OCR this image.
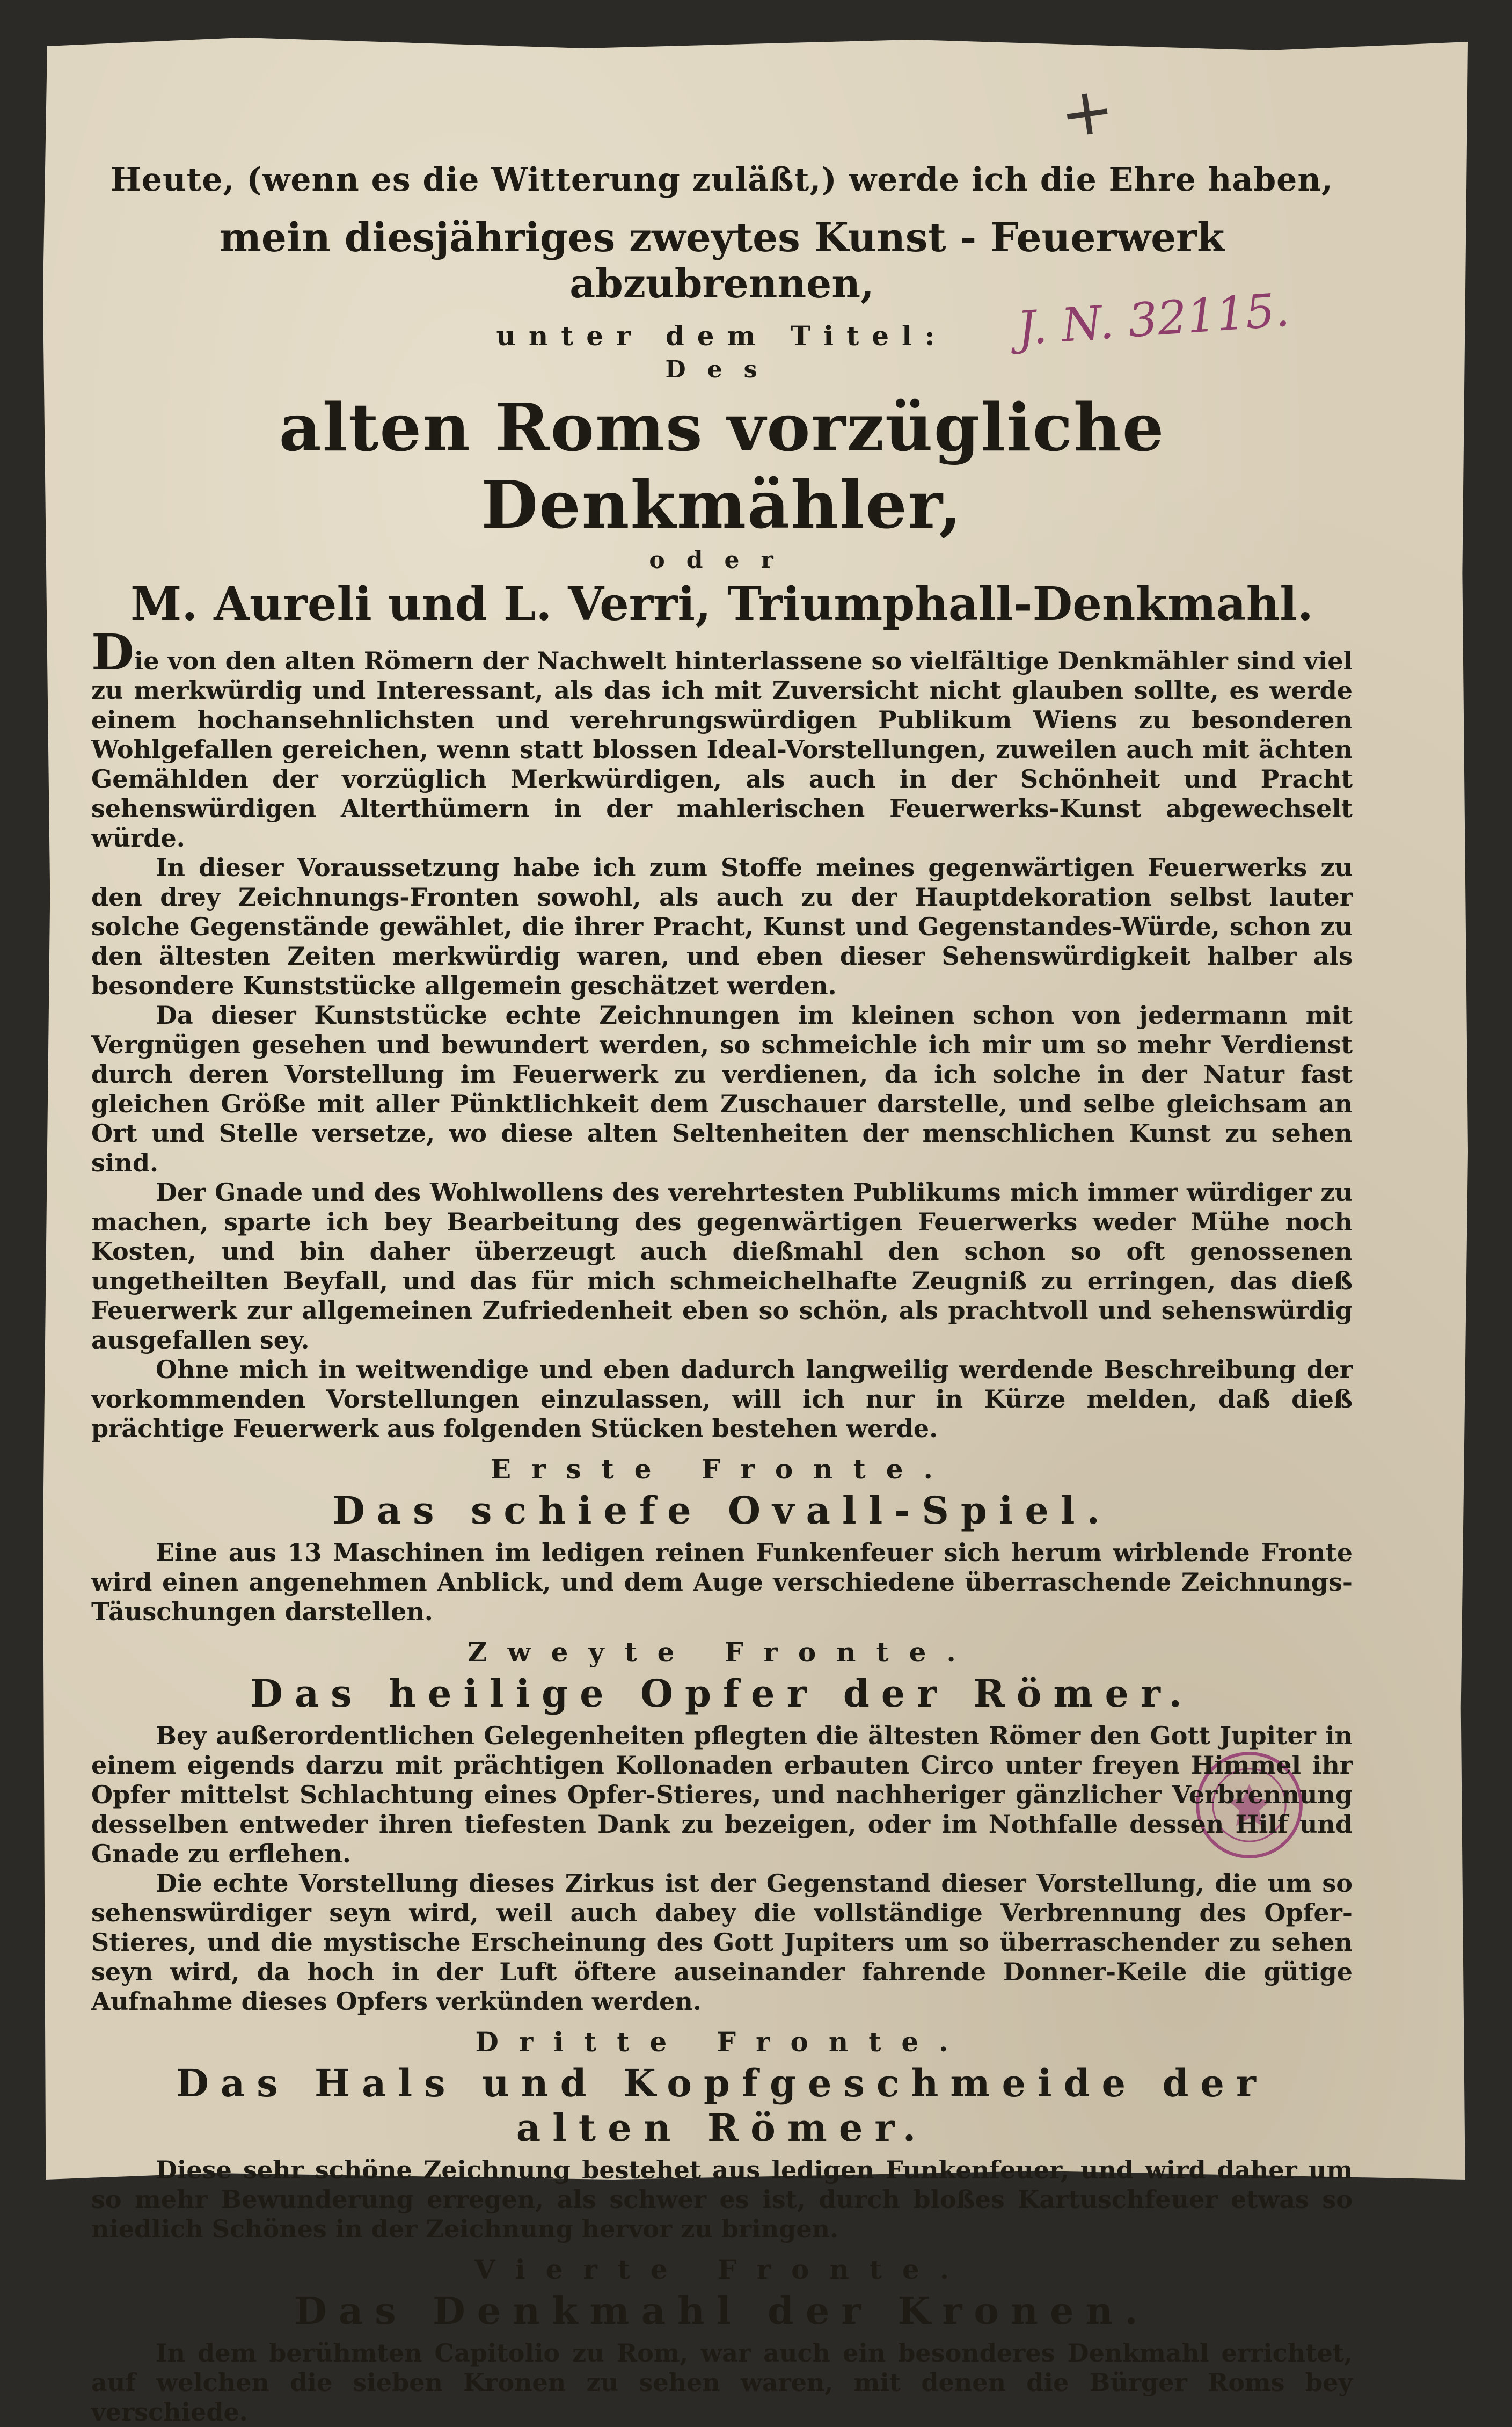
+
J. N. 32115.
Heute, (wenn es die Witterung zuläßt,) werde ich die Ehre haben,
mein diesjähriges zweytes Kunst - Feuerwerk abzubrennen,
unter dem Titel:
Des
alten Roms vorzügliche Denkmähler,
oder
M. Aureli und L. Verri, Triumphall-Denkmahl.

Die von den alten Römern der Nachwelt hinterlassene so vielfältige Denkmähler sind viel zu merkwürdig und Interessant, als das ich mit Zuversicht nicht glauben sollte, es werde einem hochansehnlichsten und verehrungswürdigen Publikum Wiens zu besonderen Wohlgefallen gereichen, wenn statt blossen Ideal-Vorstellungen, zuweilen auch mit ächten Gemählden der vorzüglich Merkwürdigen, als auch in der Schönheit und Pracht sehenswürdigen Alterthümern in der mahlerischen Feuerwerks-Kunst abgewechselt würde.

In dieser Voraussetzung habe ich zum Stoffe meines gegenwärtigen Feuerwerks zu den drey Zeichnungs-Fronten sowohl, als auch zu der Hauptdekoration selbst lauter solche Gegenstände gewählet, die ihrer Pracht, Kunst und Gegenstandes-Würde, schon zu den ältesten Zeiten merkwürdig waren, und eben dieser Sehenswürdigkeit halber als besondere Kunststücke allgemein geschätzet werden.

Da dieser Kunststücke echte Zeichnungen im kleinen schon von jedermann mit Vergnügen gesehen und bewundert werden, so schmeichle ich mir um so mehr Verdienst durch deren Vorstellung im Feuerwerk zu verdienen, da ich solche in der Natur fast gleichen Größe mit aller Pünktlichkeit dem Zuschauer darstelle, und selbe gleichsam an Ort und Stelle versetze, wo diese alten Seltenheiten der menschlichen Kunst zu sehen sind.

Der Gnade und des Wohlwollens des verehrtesten Publikums mich immer würdiger zu machen, sparte ich bey Bearbeitung des gegenwärtigen Feuerwerks weder Mühe noch Kosten, und bin daher überzeugt auch dießmahl den schon so oft genossenen ungetheilten Beyfall, und das für mich schmeichelhafte Zeugniß zu erringen, das dieß Feuerwerk zur allgemeinen Zufriedenheit eben so schön, als prachtvoll und sehenswürdig ausgefallen sey.

Ohne mich in weitwendige und eben dadurch langweilig werdende Beschreibung der vorkommenden Vorstellungen einzulassen, will ich nur in Kürze melden, daß dieß prächtige Feuerwerk aus folgenden Stücken bestehen werde.

Erste Fronte.
Das schiefe Ovall-Spiel.

Eine aus 13 Maschinen im ledigen reinen Funkenfeuer sich herum wirblende Fronte wird einen angenehmen Anblick, und dem Auge verschiedene überraschende Zeichnungs-Täuschungen darstellen.

Zweyte Fronte.
Das heilige Opfer der Römer.

Bey außerordentlichen Gelegenheiten pflegten die ältesten Römer den Gott Jupiter in einem eigends darzu mit prächtigen Kollonaden erbauten Circo unter freyen Himmel ihr Opfer mittelst Schlachtung eines Opfer-Stieres, und nachheriger gänzlicher Verbrennung desselben entweder ihren tiefesten Dank zu bezeigen, oder im Nothfalle dessen Hilf und Gnade zu erflehen.

Die echte Vorstellung dieses Zirkus ist der Gegenstand dieser Vorstellung, die um so sehenswürdiger seyn wird, weil auch dabey die vollständige Verbrennung des Opfer-Stieres, und die mystische Erscheinung des Gott Jupiters um so überraschender zu sehen seyn wird, da hoch in der Luft öftere auseinander fahrende Donner-Keile die gütige Aufnahme dieses Opfers verkünden werden.

Dritte Fronte.
Das Hals und Kopfgeschmeide der alten Römer.

Diese sehr schöne Zeichnung bestehet aus ledigen Funkenfeuer, und wird daher um so mehr Bewunderung erregen, als schwer es ist, durch bloßes Kartuschfeuer etwas so niedlich Schönes in der Zeichnung hervor zu bringen.

Vierte Fronte.
Das Denkmahl der Kronen.

In dem berühmten Capitolio zu Rom, war auch ein besonderes Denkmahl errichtet, auf welchen die sieben Kronen zu sehen waren, mit denen die Bürger Roms bey verschiede.
